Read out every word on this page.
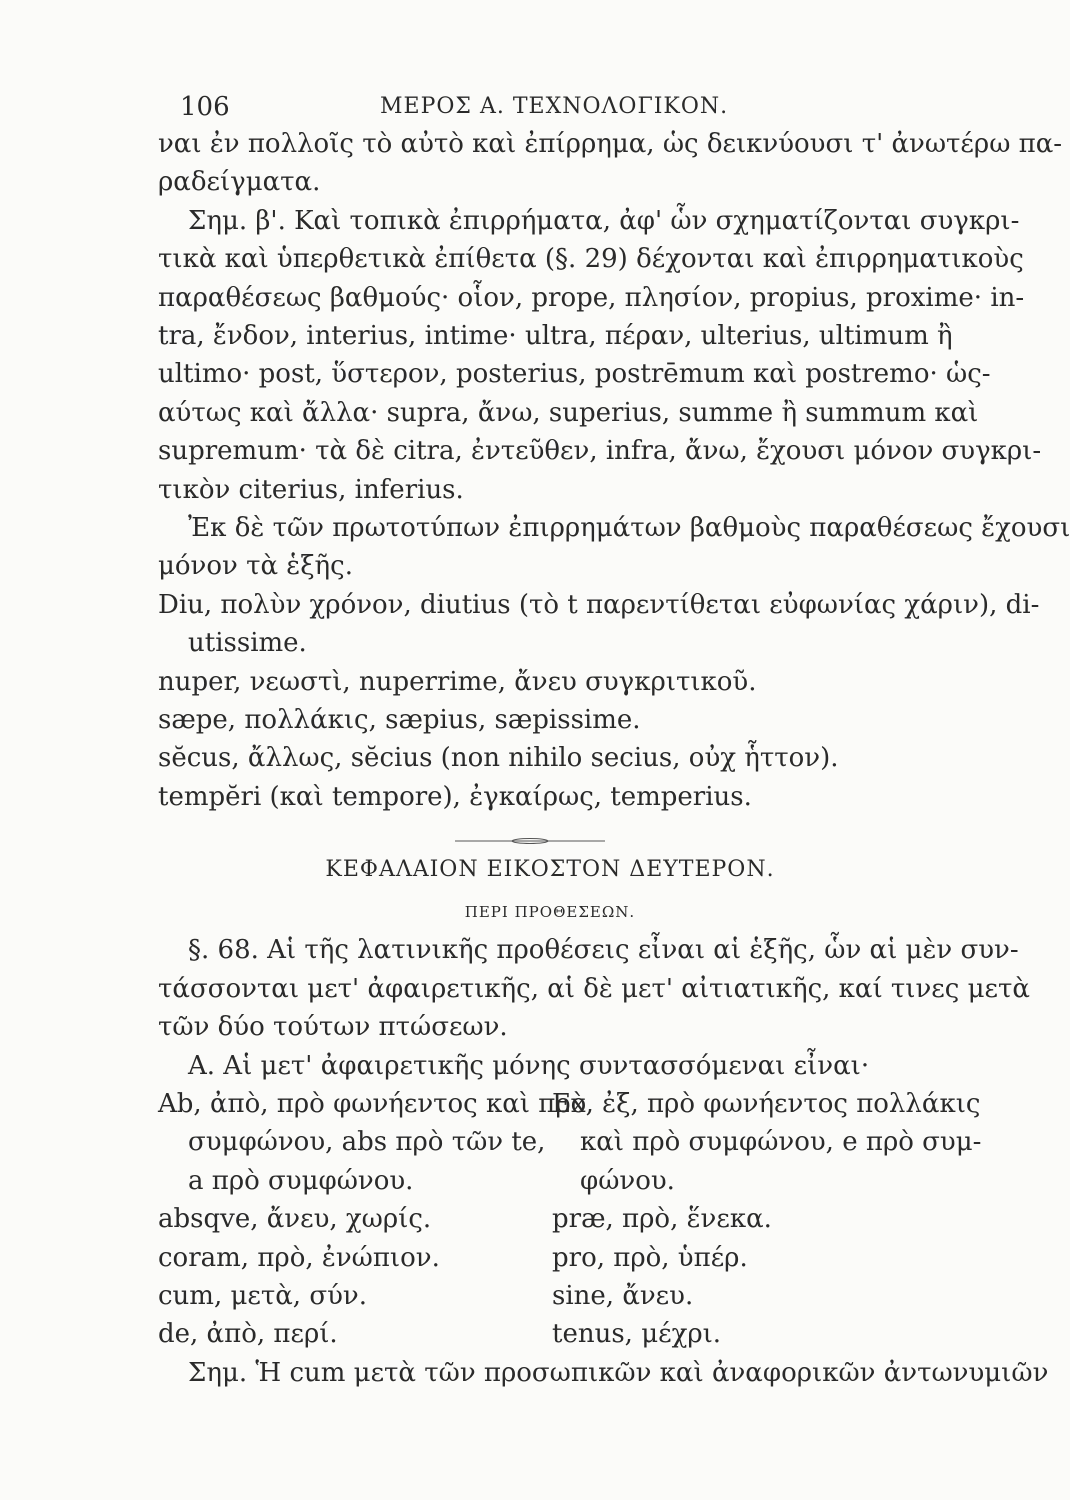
106	ΜΕΡΟΣ Α. ΤΕΧΝΟΛΟΓΙΚΟΝ.
ναι ἐν πολλοῖς τὸ αὐτὸ καὶ ἐπίρρημα, ὡς δεικνύουσι τ' ἀνωτέρω πα-
ραδείγματα.
Σημ. β'. Καὶ τοπικὰ ἐπιρρήματα, ἀφ' ὧν σχηματίζονται συγκρι-
τικὰ καὶ ὑπερθετικὰ ἐπίθετα (§. 29) δέχονται καὶ ἐπιρρηματικοὺς
παραθέσεως βαθμούς· οἷον, prope, πλησίον, propius, proxime· in-
tra, ἔνδον, interius, intime· ultra, πέραν, ulterius, ultimum ἢ
ultimo· post, ὕστερον, posterius, postrēmum καὶ postremo· ὡς-
αύτως καὶ ἄλλα· supra, ἄνω, superius, summe ἢ summum καὶ
supremum· τὰ δὲ citra, ἐντεῦθεν, infra, ἄνω, ἔχουσι μόνον συγκρι-
τικὸν citerius, inferius.
Ἐκ δὲ τῶν πρωτοτύπων ἐπιρρημάτων βαθμοὺς παραθέσεως ἔχουσι
μόνον τὰ ἑξῆς.
Diu, πολὺν χρόνον, diutius (τὸ t παρεντίθεται εὐφωνίας χάριν), di-
utissime.
nuper, νεωστὶ, nuperrime, ἄνευ συγκριτικοῦ.
sæpe, πολλάκις, sæpius, sæpissime.
sĕcus, ἄλλως, sĕcius (non nihilo secius, οὐχ ἧττον).
tempĕri (καὶ tempore), ἐγκαίρως, temperius.
ΚΕΦΑΛΑΙΟΝ ΕΙΚΟΣΤΟΝ ΔΕΥΤΕΡΟΝ.
ΠΕΡΙ ΠΡΟΘΕΣΕΩΝ.
§. 68. Αἱ τῆς λατινικῆς προθέσεις εἶναι αἱ ἑξῆς, ὧν αἱ μὲν συν-
τάσσονται μετ' ἀφαιρετικῆς, αἱ δὲ μετ' αἰτιατικῆς, καί τινες μετὰ
τῶν δύο τούτων πτώσεων.
Α. Αἱ μετ' ἀφαιρετικῆς μόνης συντασσόμεναι εἶναι·
Ab, ἀπὸ, πρὸ φωνήεντος καὶ πρὸ
συμφώνου, abs πρὸ τῶν te,
a πρὸ συμφώνου.
absqve, ἄνευ, χωρίς.
coram, πρὸ, ἐνώπιον.
cum, μετὰ, σύν.
de, ἀπὸ, περί.
Ex, ἐξ, πρὸ φωνήεντος πολλάκις
καὶ πρὸ συμφώνου, e πρὸ συμ-
φώνου.
præ, πρὸ, ἕνεκα.
pro, πρὸ, ὑπέρ.
sine, ἄνευ.
tenus, μέχρι.
Σημ. Ἡ cum μετὰ τῶν προσωπικῶν καὶ ἀναφορικῶν ἀντωνυμιῶν
